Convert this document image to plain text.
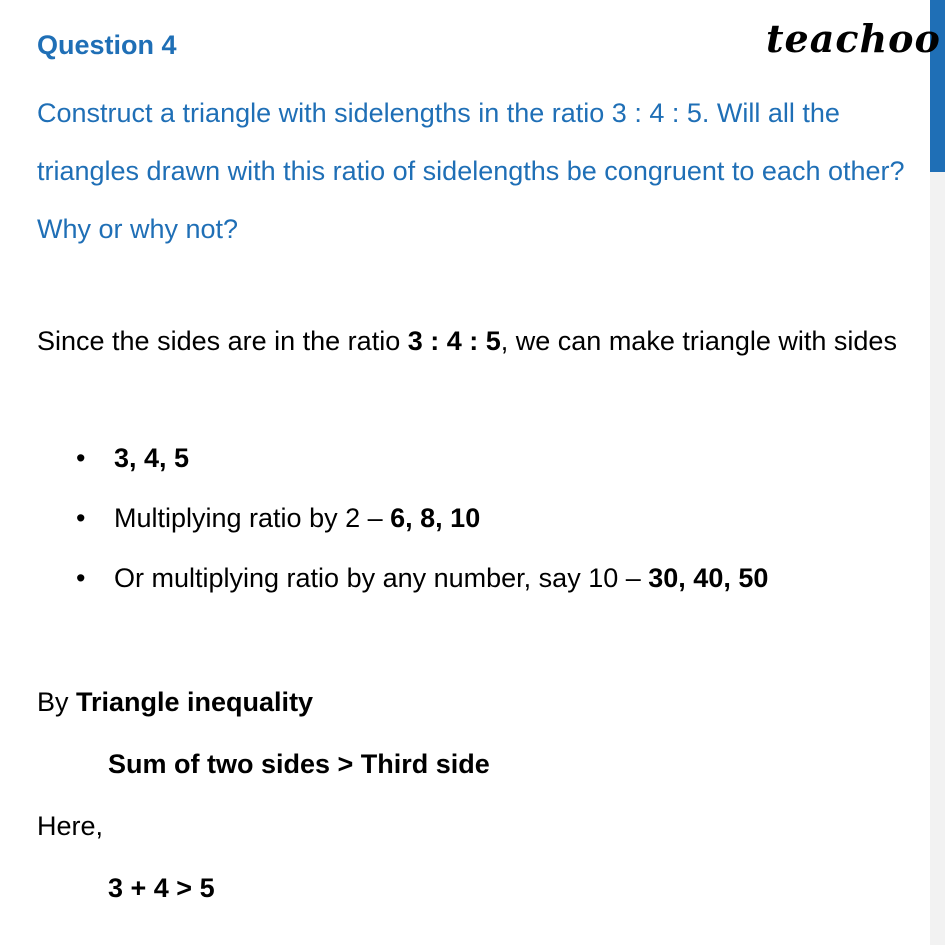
teachoo
Question 4
Construct a triangle with sidelengths in the ratio 3 : 4 : 5. Will all the triangles drawn with this ratio of sidelengths be congruent to each other? Why or why not?
Since the sides are in the ratio 3 : 4 : 5, we can make triangle with sides
• 3, 4, 5
• Multiplying ratio by 2 – 6, 8, 10
• Or multiplying ratio by any number, say 10 – 30, 40, 50
By Triangle inequality
Sum of two sides > Third side
Here,
3 + 4 > 5
